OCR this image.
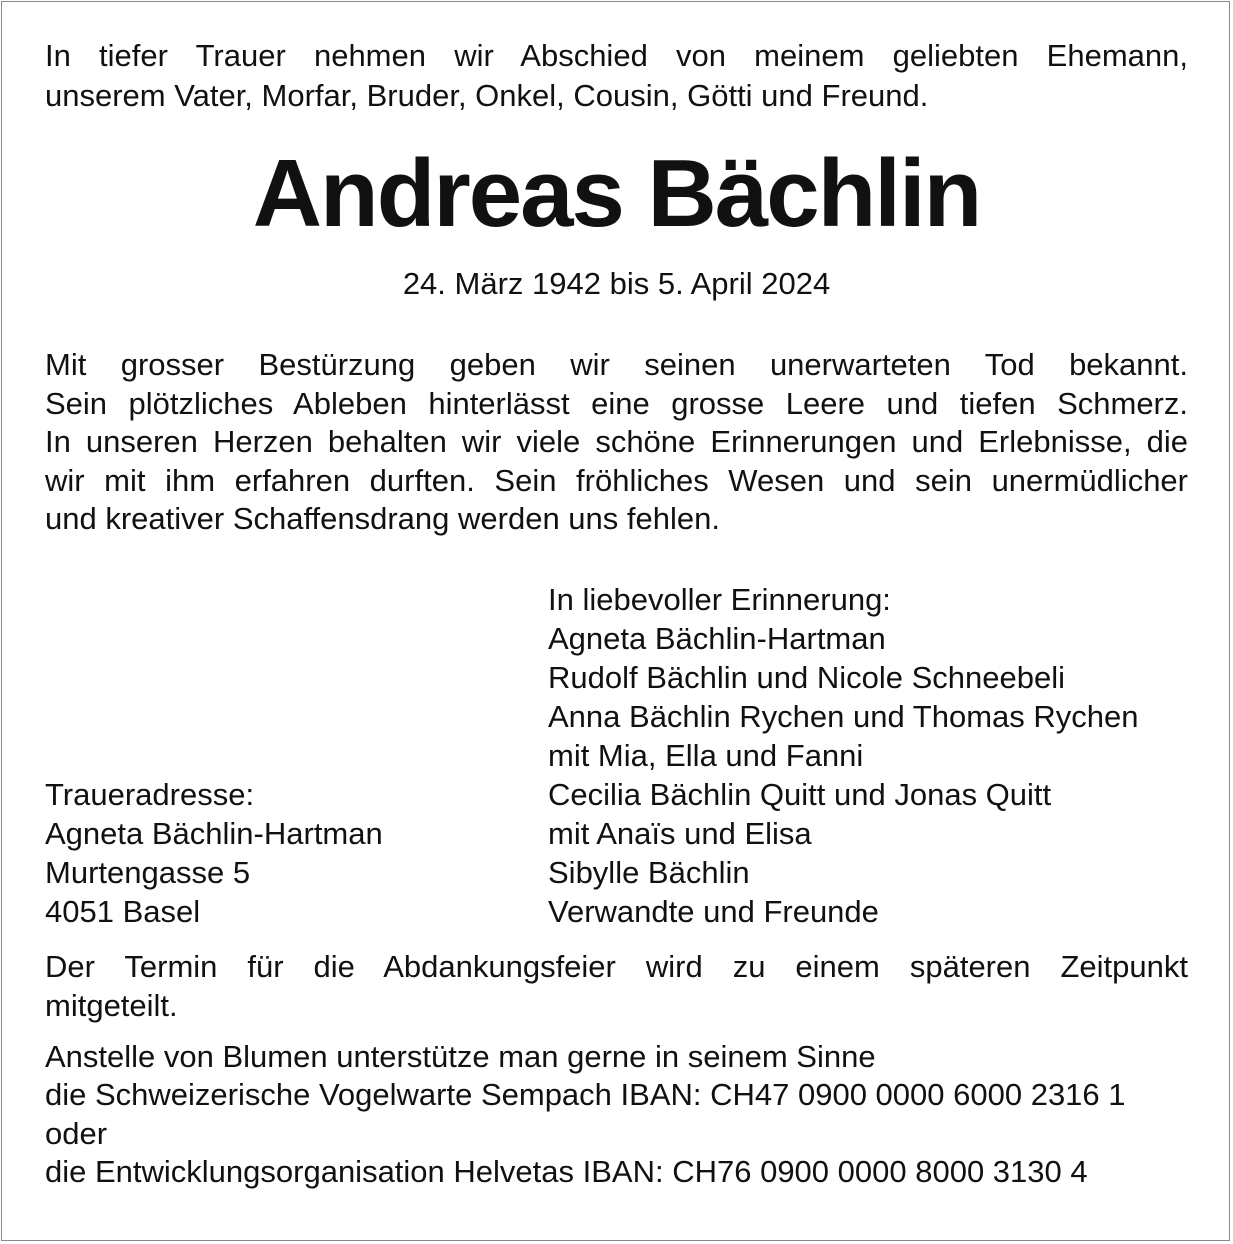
In tiefer Trauer nehmen wir Abschied von meinem geliebten Ehemann,
unserem Vater, Morfar, Bruder, Onkel, Cousin, Götti und Freund.
Andreas Bächlin

24. März 1942 bis 5. April 2024

Mit grosser Bestürzung geben wir seinen unerwarteten Tod bekannt.
Sein plötzliches Ableben hinterlässt eine grosse Leere und tiefen Schmerz.
In unseren Herzen behalten wir viele schöne Erinnerungen und Erlebnisse, die
wir mit ihm erfahren durften. Sein fröhliches Wesen und sein unermüdlicher
und kreativer Schaffensdrang werden uns fehlen.
Traueradresse:
Agneta Bächlin-Hartman
Murtengasse 5
4051 Basel
In liebevoller Erinnerung:
Agneta Bächlin-Hartman
Rudolf Bächlin und Nicole Schneebeli
Anna Bächlin Rychen und Thomas Rychen
mit Mia, Ella und Fanni
Cecilia Bächlin Quitt und Jonas Quitt
mit Anaïs und Elisa
Sibylle Bächlin
Verwandte und Freunde
Der Termin für die Abdankungsfeier wird zu einem späteren Zeitpunkt
mitgeteilt.
Anstelle von Blumen unterstütze man gerne in seinem Sinne
die Schweizerische Vogelwarte Sempach IBAN: CH47 0900 0000 6000 2316 1
oder
die Entwicklungsorganisation Helvetas IBAN: CH76 0900 0000 8000 3130 4
